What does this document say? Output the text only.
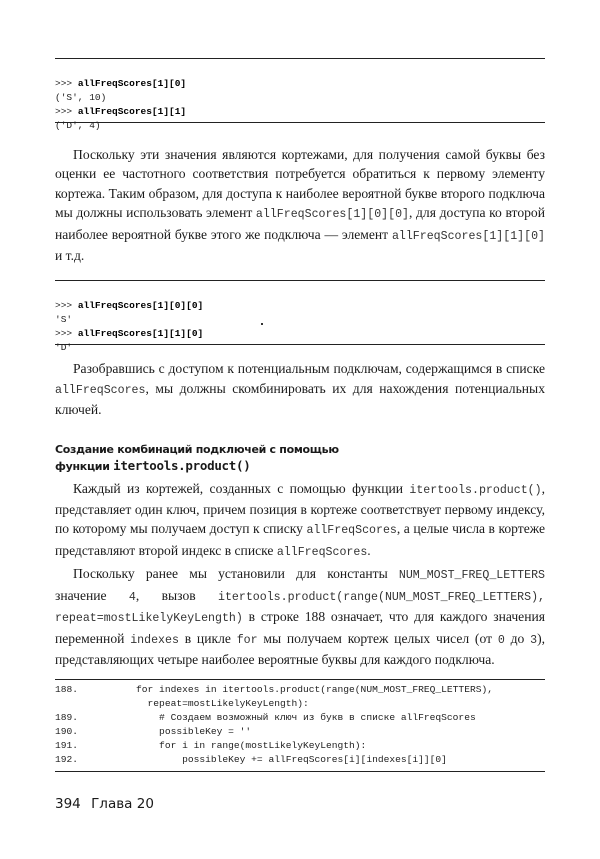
>>> allFreqScores[1][0]
('S', 10)
>>> allFreqScores[1][1]
('D', 4)

Поскольку эти значения являются кортежами, для получения самой буквы без оценки ее частотного соответствия потребуется обратиться к первому элементу кортежа. Таким образом, для доступа к наиболее вероятной букве второго подключа мы должны использовать элемент allFreqScores[1][0][0], для доступа ко второй наиболее вероятной букве этого же подключа — элемент allFreqScores[1][1][0] и т.д.

>>> allFreqScores[1][0][0]
'S'
>>> allFreqScores[1][1][0]
'D'

Разобравшись с доступом к потенциальным подключам, содержащимся в списке allFreqScores, мы должны скомбинировать их для нахождения потенциальных ключей.

Создание комбинаций подключей с помощью
функции itertools.product()

Каждый из кортежей, созданных с помощью функции itertools.product(), представляет один ключ, причем позиция в кортеже соответствует первому индексу, по которому мы получаем доступ к списку allFreqScores, а целые числа в кортеже представляют второй индекс в списке allFreqScores.

Поскольку ранее мы установили для константы NUM_MOST_FREQ_LETTERS значение 4, вызов itertools.product(range(NUM_MOST_FREQ_LETTERS), repeat=mostLikelyKeyLength) в строке 188 означает, что для каждого значения переменной indexes в цикле for мы получаем кортеж целых чисел (от 0 до 3), представляющих четыре наиболее вероятные буквы для каждого подключа.

188.	for indexes in itertools.product(range(NUM_MOST_FREQ_LETTERS),
repeat=mostLikelyKeyLength):
189.	# Создаем возможный ключ из букв в списке allFreqScores
190.	possibleKey = ''
191.	for i in range(mostLikelyKeyLength):
192.	possibleKey += allFreqScores[i][indexes[i]][0]
394 Глава 20
